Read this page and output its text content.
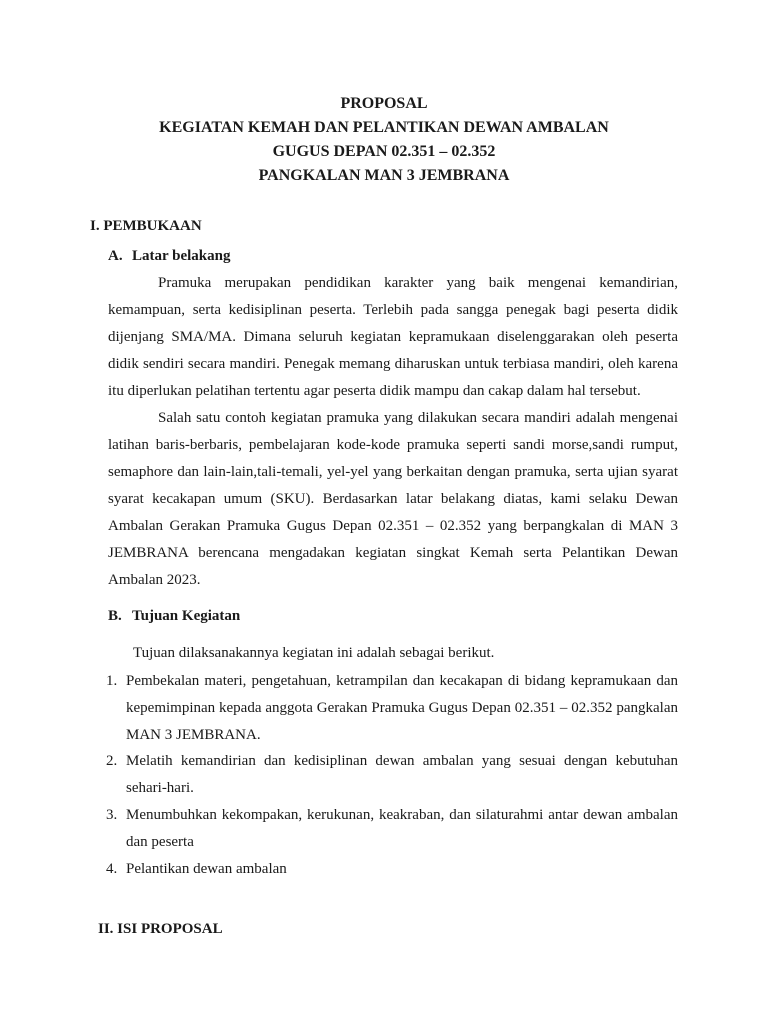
PROPOSAL
KEGIATAN KEMAH DAN PELANTIKAN DEWAN AMBALAN
GUGUS DEPAN 02.351 – 02.352
PANGKALAN MAN 3 JEMBRANA
I. PEMBUKAAN
A. Latar belakang
Pramuka merupakan pendidikan karakter yang baik mengenai kemandirian, kemampuan, serta kedisiplinan peserta. Terlebih pada sangga penegak bagi peserta didik dijenjang SMA/MA. Dimana seluruh kegiatan kepramukaan diselenggarakan oleh peserta didik sendiri secara mandiri. Penegak memang diharuskan untuk terbiasa mandiri, oleh karena itu diperlukan pelatihan tertentu agar peserta didik mampu dan cakap dalam hal tersebut.
Salah satu contoh kegiatan pramuka yang dilakukan secara mandiri adalah mengenai latihan baris-berbaris, pembelajaran kode-kode pramuka seperti sandi morse,sandi rumput, semaphore dan lain-lain,tali-temali, yel-yel yang berkaitan dengan pramuka, serta ujian syarat syarat kecakapan umum (SKU). Berdasarkan latar belakang diatas, kami selaku Dewan Ambalan Gerakan Pramuka Gugus Depan 02.351 – 02.352 yang berpangkalan di MAN 3 JEMBRANA berencana mengadakan kegiatan singkat Kemah serta Pelantikan Dewan Ambalan 2023.
B. Tujuan Kegiatan
Tujuan dilaksanakannya kegiatan ini adalah sebagai berikut.
1. Pembekalan materi, pengetahuan, ketrampilan dan kecakapan di bidang kepramukaan dan kepemimpinan kepada anggota Gerakan Pramuka Gugus Depan 02.351 – 02.352 pangkalan MAN 3 JEMBRANA.
2. Melatih kemandirian dan kedisiplinan dewan ambalan yang sesuai dengan kebutuhan sehari-hari.
3. Menumbuhkan kekompakan, kerukunan, keakraban, dan silaturahmi antar dewan ambalan dan peserta
4. Pelantikan dewan ambalan
II. ISI PROPOSAL
